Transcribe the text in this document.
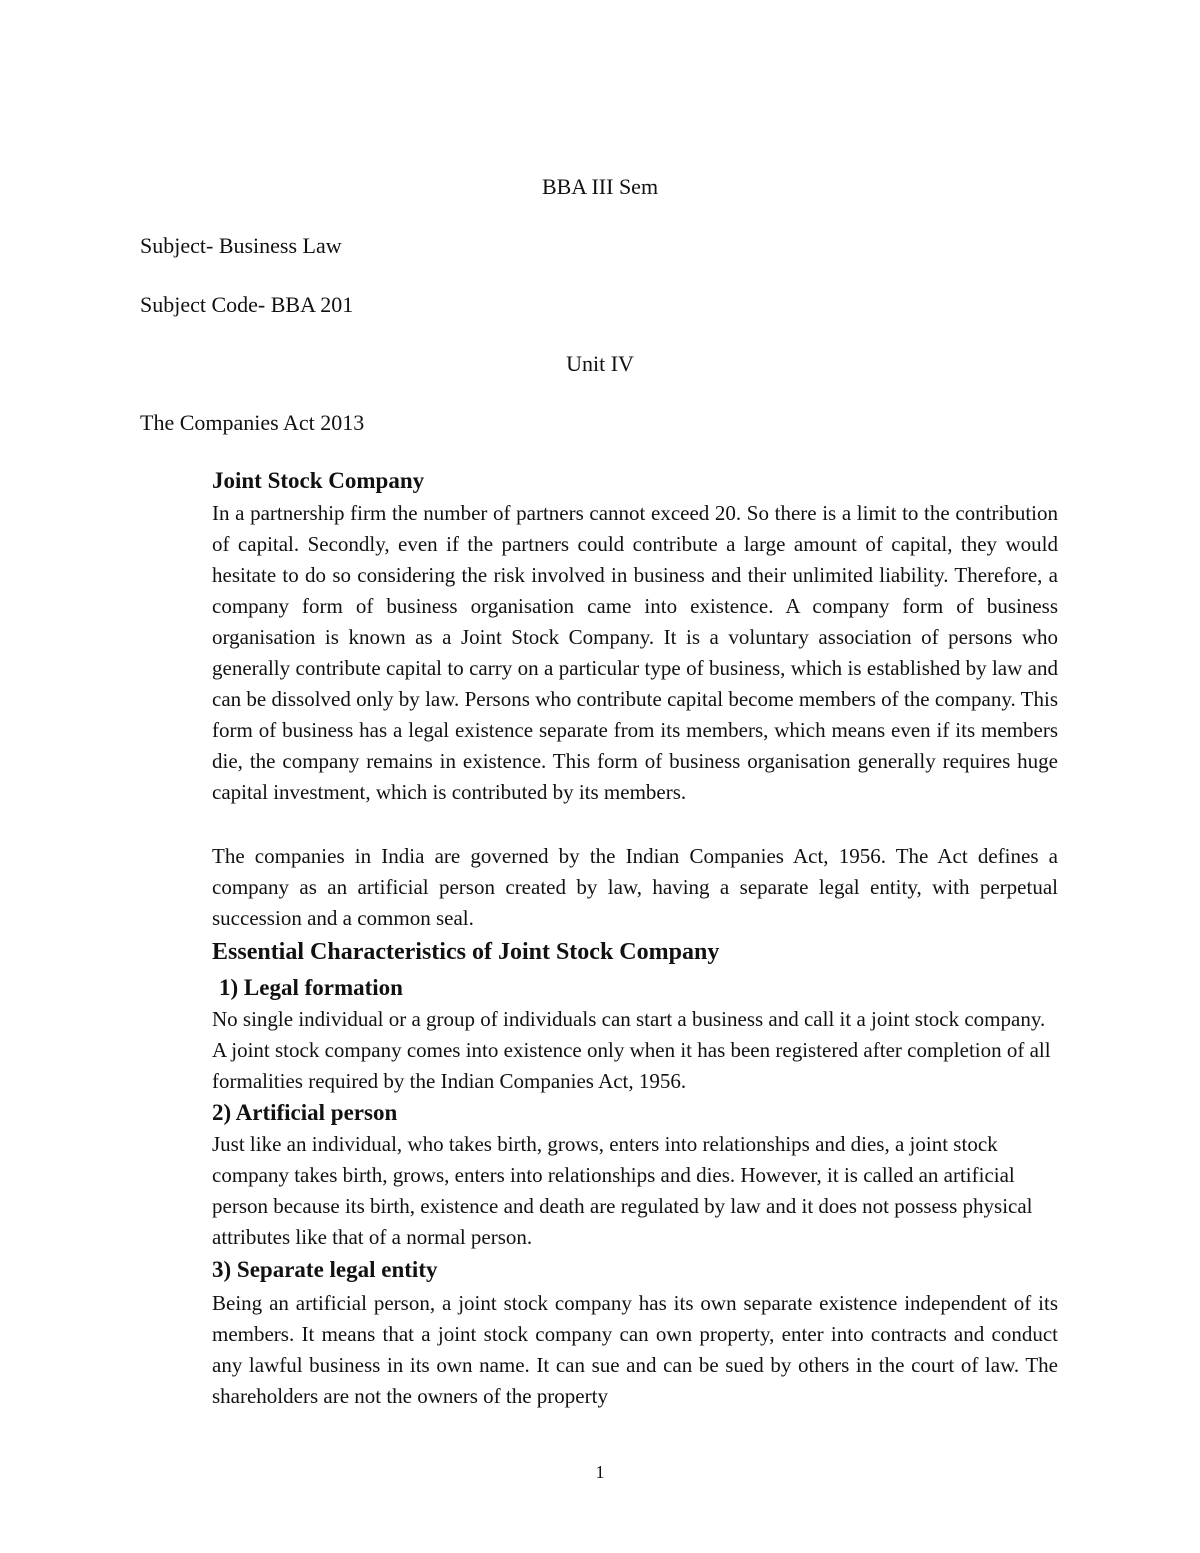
BBA III Sem
Subject- Business Law
Subject Code- BBA 201
Unit IV
The Companies Act 2013
Joint Stock Company
In a partnership firm the number of partners cannot exceed 20. So there is a limit to the contribution of capital. Secondly, even if the partners could contribute a large amount of capital, they would hesitate to do so considering the risk involved in business and their unlimited liability. Therefore, a company form of business organisation came into existence. A company form of business organisation is known as a Joint Stock Company. It is a voluntary association of persons who generally contribute capital to carry on a particular type of business, which is established by law and can be dissolved only by law. Persons who contribute capital become members of the company. This form of business has a legal existence separate from its members, which means even if its members die, the company remains in existence. This form of business organisation generally requires huge capital investment, which is contributed by its members.
The companies in India are governed by the Indian Companies Act, 1956. The Act defines a company as an artificial person created by law, having a separate legal entity, with perpetual succession and a common seal.
Essential Characteristics of Joint Stock Company
1) Legal formation
No single individual or a group of individuals can start a business and call it a joint stock company. A joint stock company comes into existence only when it has been registered after completion of all formalities required by the Indian Companies Act, 1956.
2) Artificial person
Just like an individual, who takes birth, grows, enters into relationships and dies, a joint stock company takes birth, grows, enters into relationships and dies. However, it is called an artificial person because its birth, existence and death are regulated by law and it does not possess physical attributes like that of a normal person.
3) Separate legal entity
Being an artificial person, a joint stock company has its own separate existence independent of its members. It means that a joint stock company can own property, enter into contracts and conduct any lawful business in its own name. It can sue and can be sued by others in the court of law. The shareholders are not the owners of the property
1
